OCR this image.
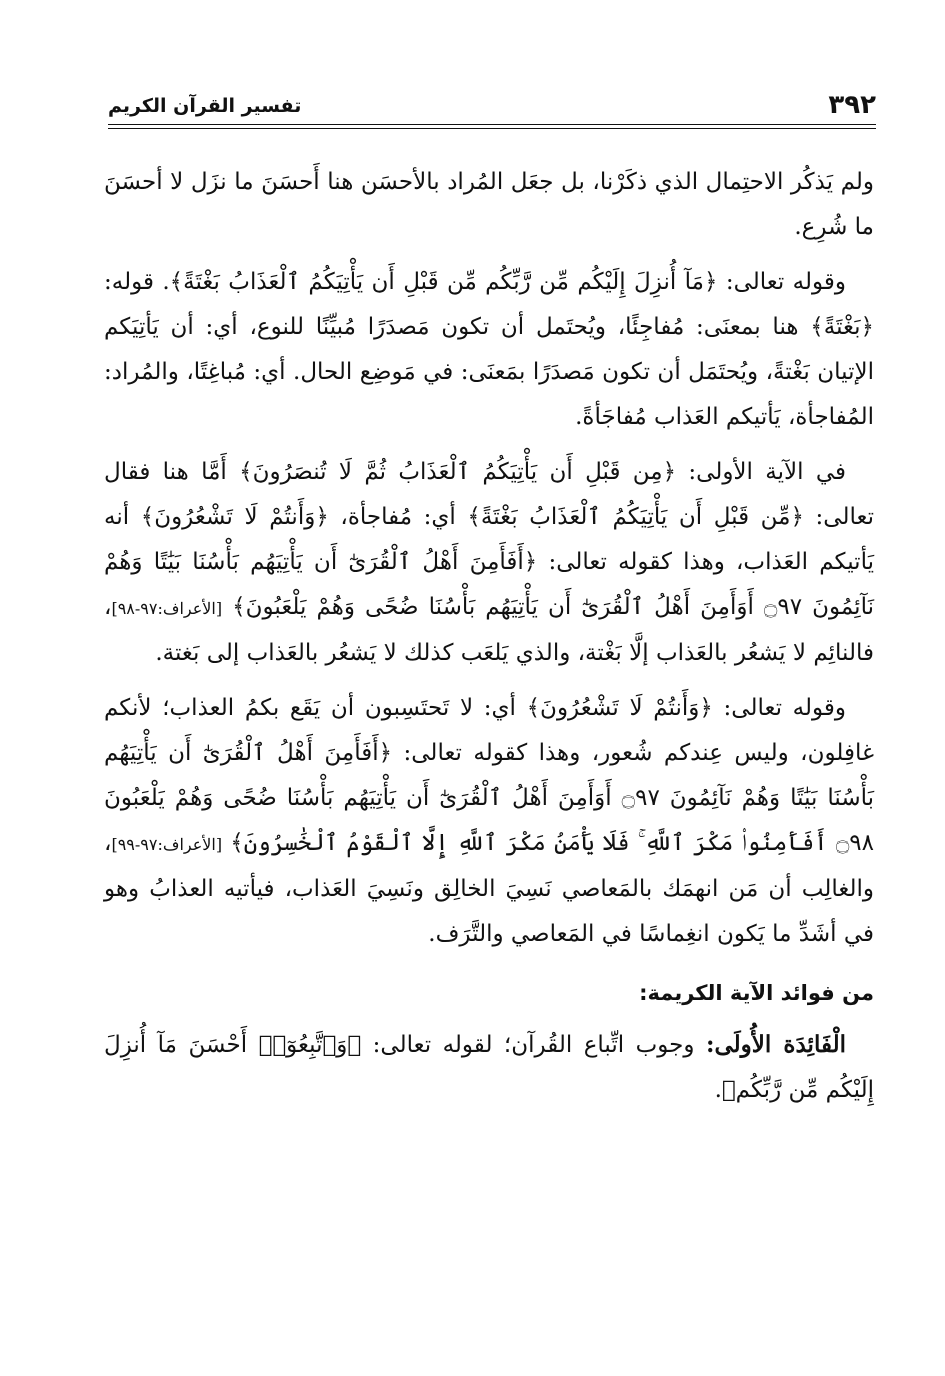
٣٩٢
تفسير القرآن الكريم

ولم يَذكُر الاحتِمال الذي ذكَرْنا، بل جعَل المُراد بالأحسَن هنا أَحسَنَ ما نزَل لا أحسَنَ ما شُرِع.

وقوله تعالى: ﴿مَآ أُنزِلَ إِلَيْكُم مِّن رَّبِّكُم مِّن قَبْلِ أَن يَأْتِيَكُمُ ٱلْعَذَابُ بَغْتَةً﴾. قوله: ﴿بَغْتَةً﴾ هنا بمعنَى: مُفاجِئًا، ويُحتَمل أن تكون مَصدَرًا مُبيِّنًا للنوع، أي: أن يَأتِيَكم الإتيان بَغْتةً، ويُحتَمَل أن تكون مَصدَرًا بمَعنَى: في مَوضِع الحال. أي: مُباغِتًا، والمُراد: المُفاجأة، يَأتيكم العَذاب مُفاجَأةً.

في الآية الأولى: ﴿مِن قَبْلِ أَن يَأْتِيَكُمُ ٱلْعَذَابُ ثُمَّ لَا تُنصَرُونَ﴾ أَمَّا هنا فقال تعالى: ﴿مِّن قَبْلِ أَن يَأْتِيَكُمُ ٱلْعَذَابُ بَغْتَةً﴾ أي: مُفاجأة، ﴿وَأَنتُمْ لَا تَشْعُرُونَ﴾ أنه يَأتيكم العَذاب، وهذا كقوله تعالى: ﴿أَفَأَمِنَ أَهْلُ ٱلْقُرَىٰٓ أَن يَأْتِيَهُم بَأْسُنَا بَيَٰتًا وَهُمْ نَآئِمُونَ ۝٩٧ أَوَأَمِنَ أَهْلُ ٱلْقُرَىٰٓ أَن يَأْتِيَهُم بَأْسُنَا ضُحًى وَهُمْ يَلْعَبُونَ﴾ [الأعراف:٩٧-٩٨]، فالنائِم لا يَشعُر بالعَذاب إلَّا بَغْتة، والذي يَلعَب كذلك لا يَشعُر بالعَذاب إلى بَغتة.

وقوله تعالى: ﴿وَأَنتُمْ لَا تَشْعُرُونَ﴾ أي: لا تَحتَسِبون أن يَقَع بكمُ العذاب؛ لأنكم غافِلون، وليس عِندكم شُعور، وهذا كقوله تعالى: ﴿أَفَأَمِنَ أَهْلُ ٱلْقُرَىٰٓ أَن يَأْتِيَهُم بَأْسُنَا بَيَٰتًا وَهُمْ نَآئِمُونَ ۝٩٧ أَوَأَمِنَ أَهْلُ ٱلْقُرَىٰٓ أَن يَأْتِيَهُم بَأْسُنَا ضُحًى وَهُمْ يَلْعَبُونَ ۝٩٨ أَفَأَمِنُوا۟ مَكْرَ ٱللَّهِ ۚ فَلَا يَأْمَنُ مَكْرَ ٱللَّهِ إِلَّا ٱلْقَوْمُ ٱلْخَٰسِرُونَ﴾ [الأعراف:٩٧-٩٩]، والغالِب أن مَن انهمَك بالمَعاصي نَسِيَ الخالِق ونَسِيَ العَذاب، فيأتيه العذابُ وهو في أشَدِّ ما يَكون انغِماسًا في المَعاصي والتَّرَف.

من فوائد الآية الكريمة:

الْفَائِدَة الأُولَى: وجوب اتِّباع القُرآن؛ لقوله تعالى: ﴿وَٱتَّبِعُوٓا۟ أَحْسَنَ مَآ أُنزِلَ إِلَيْكُم مِّن رَّبِّكُم﴾.
